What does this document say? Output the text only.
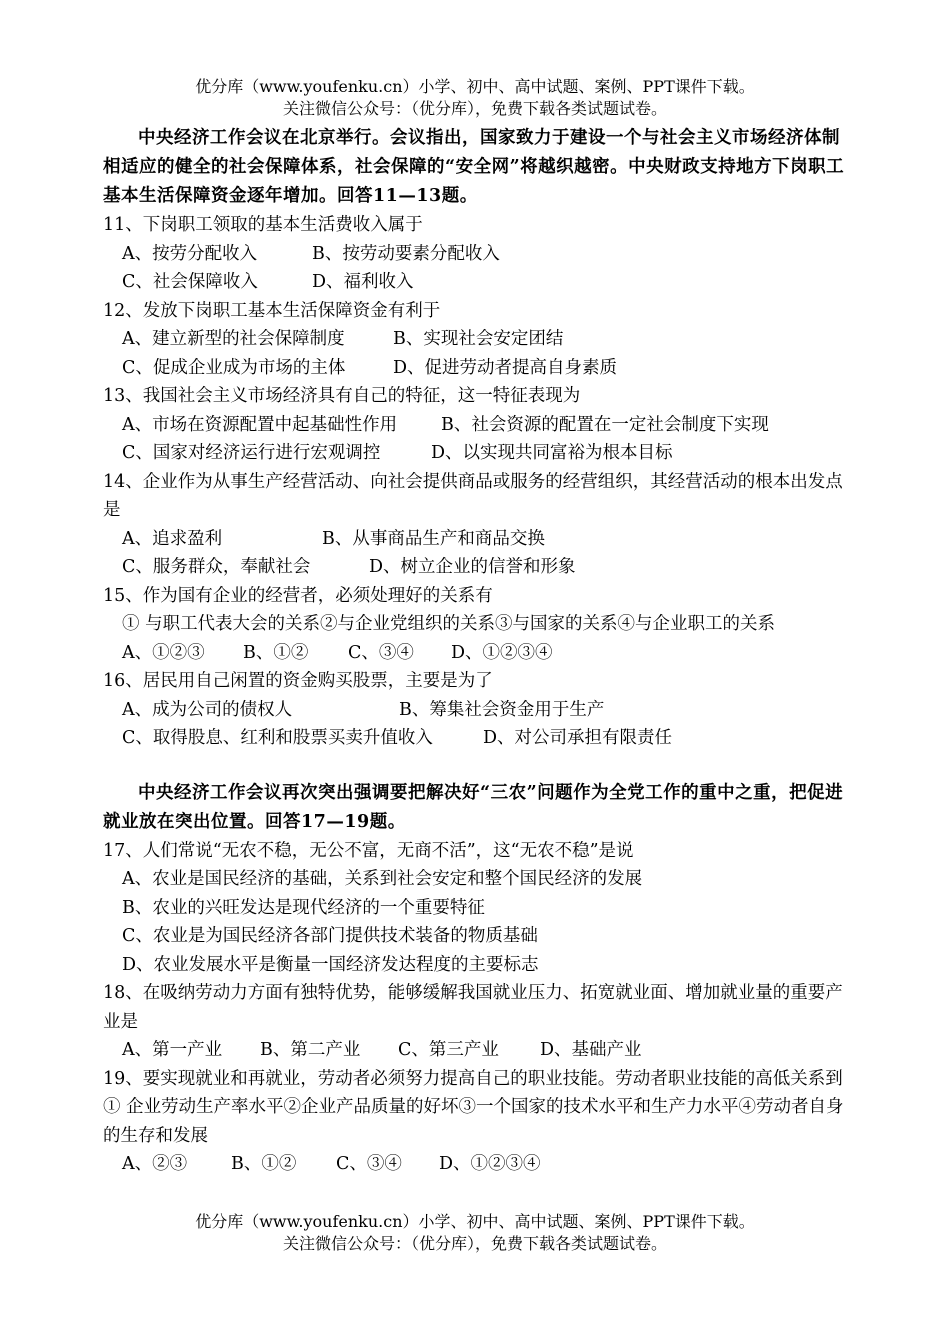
优分库（www.youfenku.cn）小学、初中、高中试题、案例、PPT课件下载。
关注微信公众号：（优分库），免费下载各类试题试卷。
中央经济工作会议在北京举行。会议指出，国家致力于建设一个与社会主义市场经济体制相适应的健全的社会保障体系，社会保障的“安全网”将越织越密。中央财政支持地方下岗职工基本生活保障资金逐年增加。回答11—13题。
11、下岗职工领取的基本生活费收入属于
A、按劳分配收入	B、按劳动要素分配收入
C、社会保障收入	D、福利收入
12、发放下岗职工基本生活保障资金有利于
A、建立新型的社会保障制度	B、实现社会安定团结
C、促成企业成为市场的主体	D、促进劳动者提高自身素质
13、我国社会主义市场经济具有自己的特征，这一特征表现为
A、市场在资源配置中起基础性作用	B、社会资源的配置在一定社会制度下实现
C、国家对经济运行进行宏观调控	D、以实现共同富裕为根本目标
14、企业作为从事生产经营活动、向社会提供商品或服务的经营组织，其经营活动的根本出发点是
A、追求盈利	B、从事商品生产和商品交换
C、服务群众，奉献社会	D、树立企业的信誉和形象
15、作为国有企业的经营者，必须处理好的关系有
① 与职工代表大会的关系②与企业党组织的关系③与国家的关系④与企业职工的关系
A、①②③ B、①② C、③④ D、①②③④
16、居民用自己闲置的资金购买股票，主要是为了
A、成为公司的债权人	B、筹集社会资金用于生产
C、取得股息、红利和股票买卖升值收入	D、对公司承担有限责任
中央经济工作会议再次突出强调要把解决好“三农”问题作为全党工作的重中之重，把促进就业放在突出位置。回答17—19题。
17、人们常说“无农不稳，无公不富，无商不活”，这“无农不稳”是说
A、农业是国民经济的基础，关系到社会安定和整个国民经济的发展
B、农业的兴旺发达是现代经济的一个重要特征
C、农业是为国民经济各部门提供技术装备的物质基础
D、农业发展水平是衡量一国经济发达程度的主要标志
18、在吸纳劳动力方面有独特优势，能够缓解我国就业压力、拓宽就业面、增加就业量的重要产业是
A、第一产业 B、第二产业 C、第三产业 D、基础产业
19、要实现就业和再就业，劳动者必须努力提高自己的职业技能。劳动者职业技能的高低关系到
① 企业劳动生产率水平②企业产品质量的好坏③一个国家的技术水平和生产力水平④劳动者自身的生存和发展
A、②③	B、①② C、③④ D、①②③④
优分库（www.youfenku.cn）小学、初中、高中试题、案例、PPT课件下载。
关注微信公众号：（优分库），免费下载各类试题试卷。
